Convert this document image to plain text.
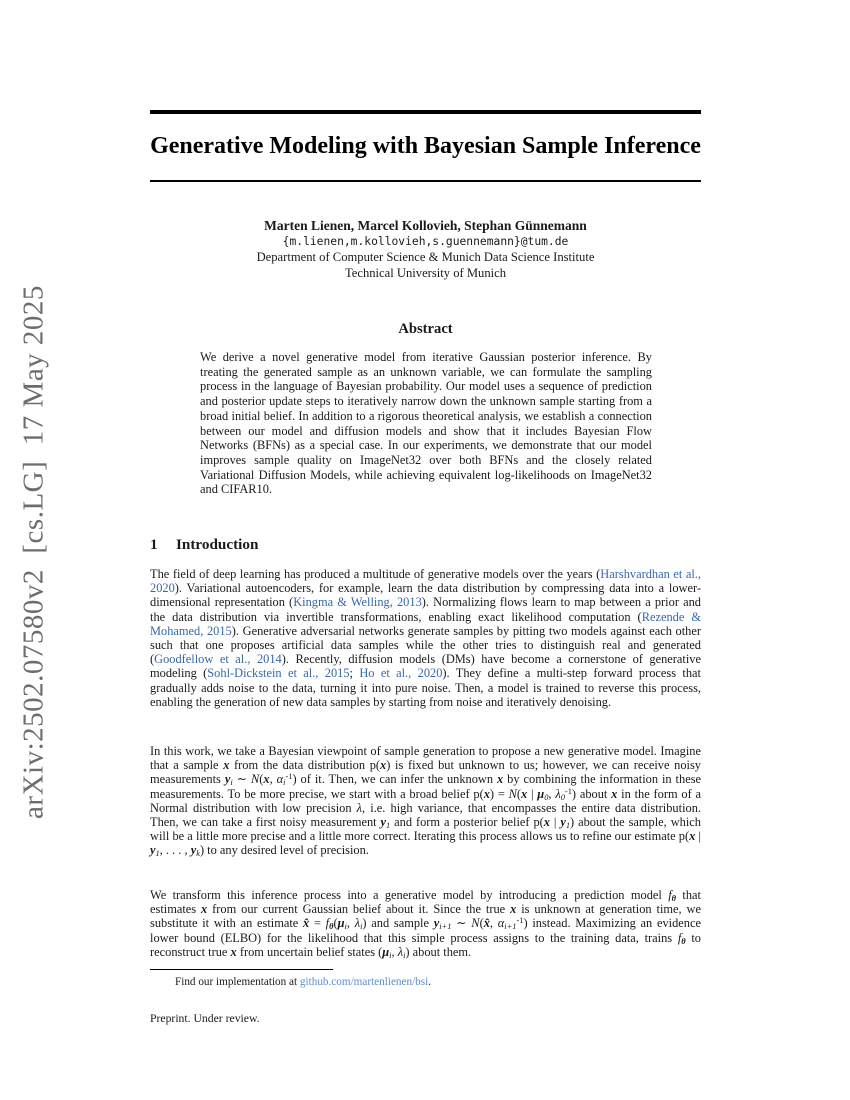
arXiv:2502.07580v2  [cs.LG]  17 May 2025
Generative Modeling with Bayesian Sample Inference
Marten Lienen, Marcel Kollovieh, Stephan Günnemann
{m.lienen,m.kollovieh,s.guennemann}@tum.de
Department of Computer Science & Munich Data Science Institute
Technical University of Munich
Abstract
We derive a novel generative model from iterative Gaussian posterior inference. By treating the generated sample as an unknown variable, we can formulate the sampling process in the language of Bayesian probability. Our model uses a sequence of prediction and posterior update steps to iteratively narrow down the unknown sample starting from a broad initial belief. In addition to a rigorous theoretical analysis, we establish a connection between our model and diffusion models and show that it includes Bayesian Flow Networks (BFNs) as a special case. In our experiments, we demonstrate that our model improves sample quality on ImageNet32 over both BFNs and the closely related Variational Diffusion Models, while achieving equivalent log-likelihoods on ImageNet32 and CIFAR10.
1 Introduction
The field of deep learning has produced a multitude of generative models over the years (Harshvardhan et al., 2020). Variational autoencoders, for example, learn the data distribution by compressing data into a lower-dimensional representation (Kingma & Welling, 2013). Normalizing flows learn to map between a prior and the data distribution via invertible transformations, enabling exact likelihood computation (Rezende & Mohamed, 2015). Generative adversarial networks generate samples by pitting two models against each other such that one proposes artificial data samples while the other tries to distinguish real and generated (Goodfellow et al., 2014). Recently, diffusion models (DMs) have become a cornerstone of generative modeling (Sohl-Dickstein et al., 2015; Ho et al., 2020). They define a multi-step forward process that gradually adds noise to the data, turning it into pure noise. Then, a model is trained to reverse this process, enabling the generation of new data samples by starting from noise and iteratively denoising.
In this work, we take a Bayesian viewpoint of sample generation to propose a new generative model. Imagine that a sample x from the data distribution p(x) is fixed but unknown to us; however, we can receive noisy measurements $y_i$ ∼ N(x, $\alpha_i^{-1}$) of it. Then, we can infer the unknown x by combining the information in these measurements. To be more precise, we start with a broad belief p(x) = N(x | $\mu_0$, $\lambda_0^{-1}$) about x in the form of a Normal distribution with low precision λ, i.e. high variance, that encompasses the entire data distribution. Then, we can take a first noisy measurement $y_1$ and form a posterior belief p(x | $y_1$) about the sample, which will be a little more precise and a little more correct. Iterating this process allows us to refine our estimate p(x | $y_1$, . . . , $y_k$) to any desired level of precision.
We transform this inference process into a generative model by introducing a prediction model $f_\theta$ that estimates x from our current Gaussian belief about it. Since the true x is unknown at generation time, we substitute it with an estimate x̂ = $f_\theta(\mu_i$, $\lambda_i$) and sample $y_{i+1}$ ∼ N(x̂, $\alpha_{i+1}^{-1}$) instead. Maximizing an evidence lower bound (ELBO) for the likelihood that this simple process assigns to the training data, trains $f_\theta$ to reconstruct true x from uncertain belief states ($\mu_i$, $\lambda_i$) about them.
Find our implementation at github.com/martenlienen/bsi.
Preprint. Under review.
